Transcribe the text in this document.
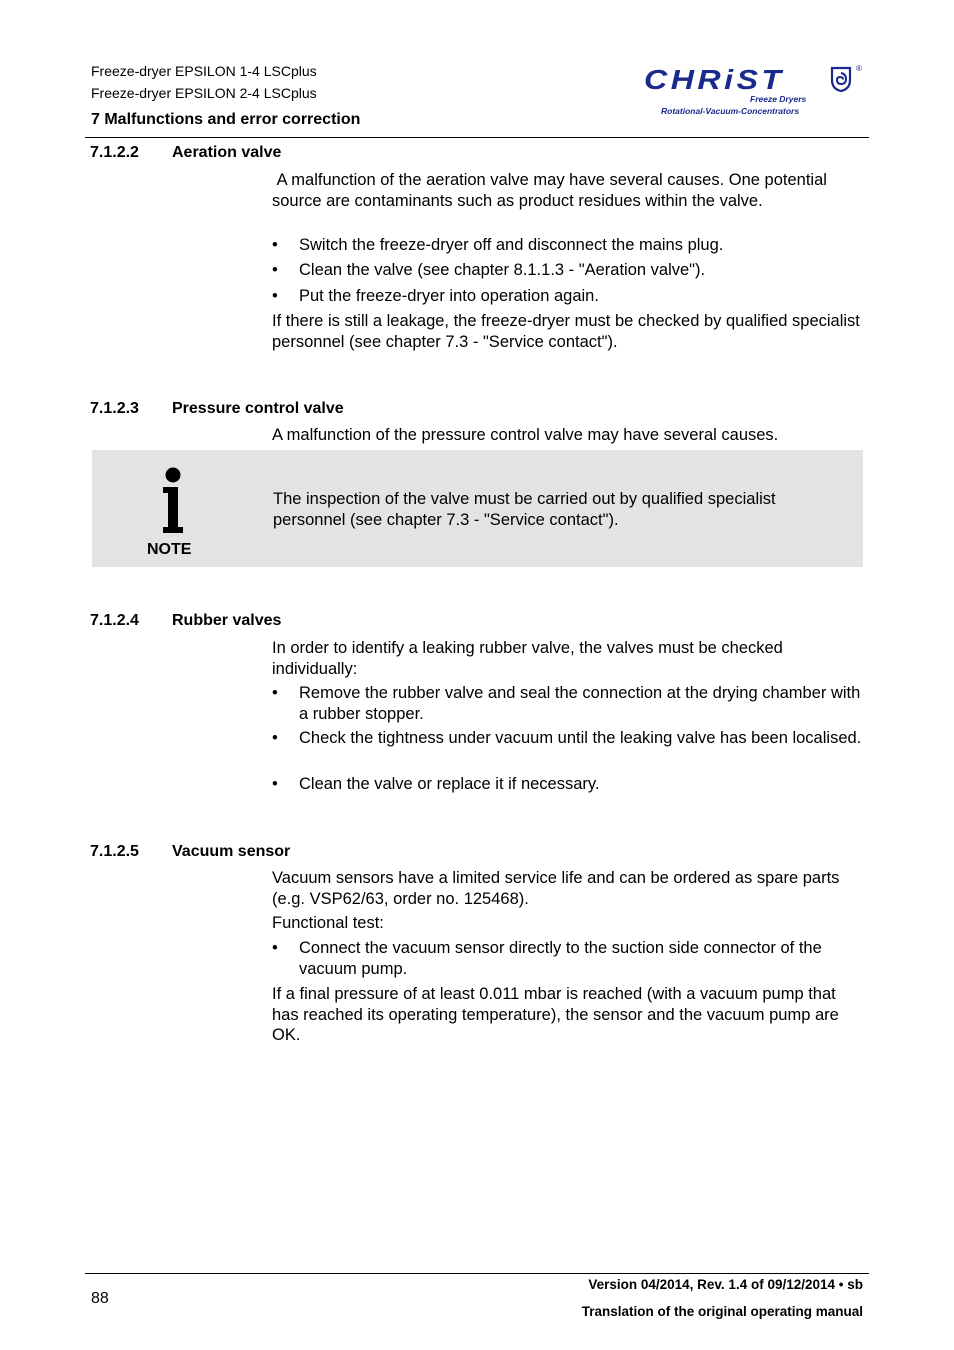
Freeze-dryer EPSILON 1-4 LSCplus
Freeze-dryer EPSILON 2-4 LSCplus
7 Malfunctions and error correction
CHRiST	®
Freeze Dryers
Rotational-Vacuum-Concentrators
7.1.2.2 Aeration valve
A malfunction of the aeration valve may have several causes. One potential source are contaminants such as product residues within the valve.
• Switch the freeze-dryer off and disconnect the mains plug.
• Clean the valve (see chapter 8.1.1.3 - "Aeration valve").
• Put the freeze-dryer into operation again.
If there is still a leakage, the freeze-dryer must be checked by qualified specialist personnel (see chapter 7.3 - "Service contact").
7.1.2.3 Pressure control valve
A malfunction of the pressure control valve may have several causes.
NOTE
The inspection of the valve must be carried out by qualified specialist personnel (see chapter 7.3 - "Service contact").
7.1.2.4 Rubber valves
In order to identify a leaking rubber valve, the valves must be checked individually:
• Remove the rubber valve and seal the connection at the drying chamber with a rubber stopper.
• Check the tightness under vacuum until the leaking valve has been localised.
• Clean the valve or replace it if necessary.
7.1.2.5 Vacuum sensor
Vacuum sensors have a limited service life and can be ordered as spare parts (e.g. VSP62/63, order no. 125468).
Functional test:
• Connect the vacuum sensor directly to the suction side connector of the vacuum pump.
If a final pressure of at least 0.011 mbar is reached (with a vacuum pump that has reached its operating temperature), the sensor and the vacuum pump are OK.
88
Version 04/2014, Rev. 1.4 of 09/12/2014 • sb
Translation of the original operating manual
